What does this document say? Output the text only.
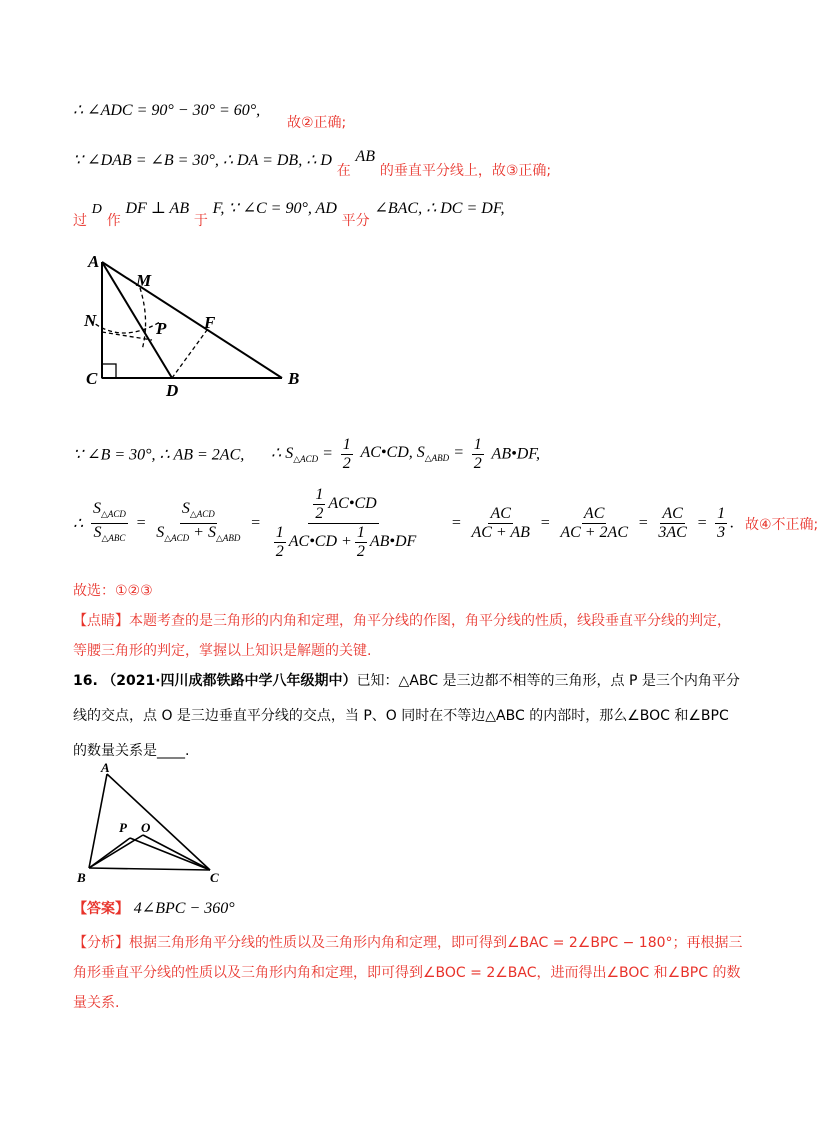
∴ ∠ADC = 90° − 30° = 60°, 故②正确;
∵ ∠DAB = ∠B = 30°, ∴ DA = DB, ∴ D 在 AB 的垂直平分线上，故③正确;
过 D 作 DF ⊥ AB 于 F, ∵ ∠C = 90°, AD 平分 ∠BAC, ∴ DC = DF,
A
M
N	P F
C
D
B
∵ ∠B = 30°, ∴ AB = 2AC, ∴ $S_{\triangle ACD} = \frac{1}{2}$ AC•CD, $S_{\triangle ABD} = \frac{1}{2}$ AB•DF,
∴ $\frac{S_{\triangle ACD}}{S_{\triangle ABC}} = \frac{S_{\triangle ACD}}{S_{\triangle ACD} + S_{\triangle ABD}} = \frac{\frac{1}{2} AC•CD}{\frac{1}{2} AC•CD + \frac{1}{2} AB•DF} = \frac{AC}{AC + AB} = \frac{AC}{AC + 2AC} = \frac{AC}{3AC} = \frac{1}{3}$ . 故④不正确;
故选：①②③
【点睛】本题考查的是三角形的内角和定理，角平分线的作图，角平分线的性质，线段垂直平分线的判定，
等腰三角形的判定，掌握以上知识是解题的关键.
16. （2021·四川成都铁路中学八年级期中）已知：△ABC 是三边都不相等的三角形，点 P 是三个内角平分
线的交点，点 O 是三边垂直平分线的交点，当 P、O 同时在不等边△ABC 的内部时，那么∠BOC 和∠BPC
的数量关系是____.
A
P O
B	C
【答案】 4∠BPC − 360°
【分析】根据三角形角平分线的性质以及三角形内角和定理，即可得到∠BAC = 2∠BPC − 180°；再根据三
角形垂直平分线的性质以及三角形内角和定理，即可得到∠BOC = 2∠BAC，进而得出∠BOC 和∠BPC 的数
量关系.
